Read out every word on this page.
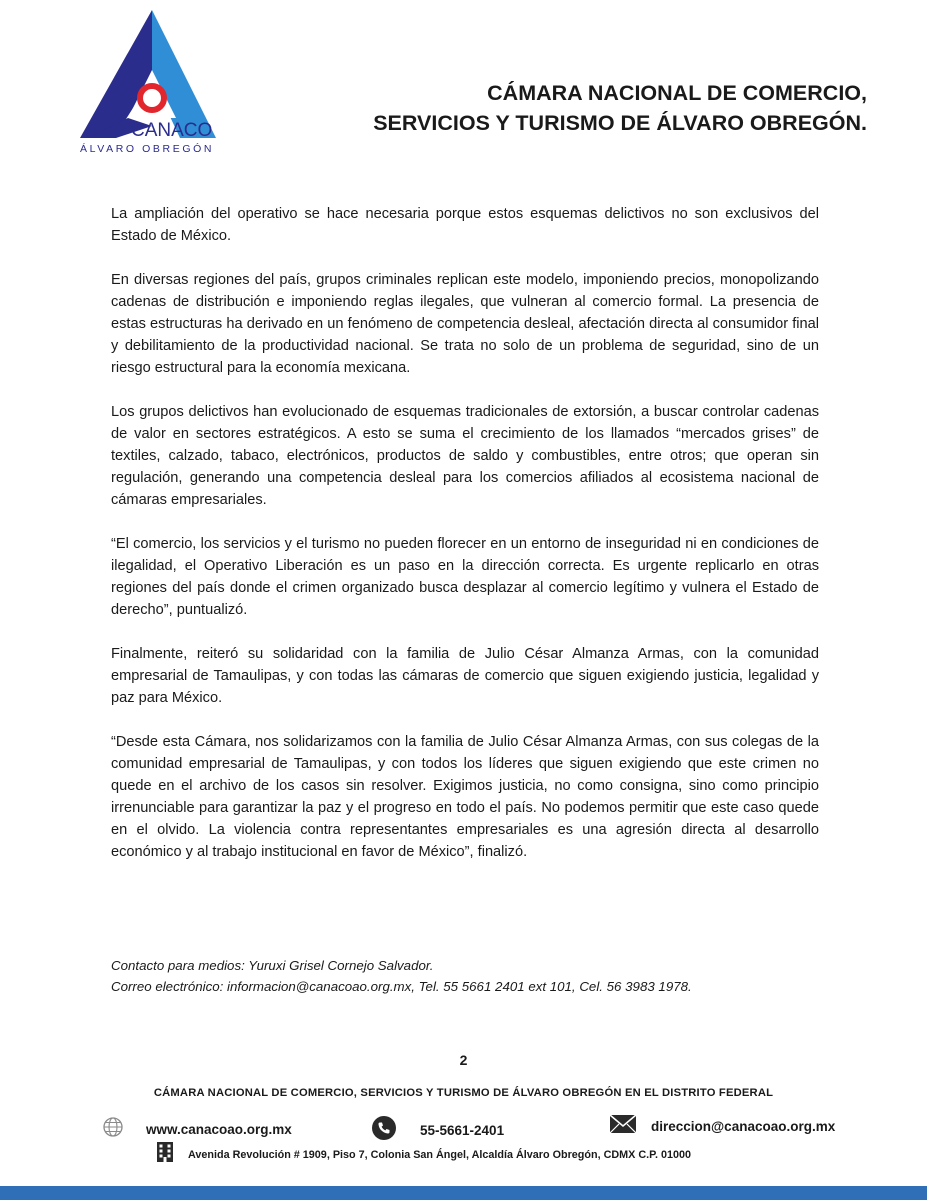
CANACO
ÁLVARO OBREGÓN
CÁMARA NACIONAL DE COMERCIO,
SERVICIOS Y TURISMO DE ÁLVARO OBREGÓN.

La ampliación del operativo se hace necesaria porque estos esquemas delictivos no son exclusivos del Estado de México.

En diversas regiones del país, grupos criminales replican este modelo, imponiendo precios, monopolizando cadenas de distribución e imponiendo reglas ilegales, que vulneran al comercio formal. La presencia de estas estructuras ha derivado en un fenómeno de competencia desleal, afectación directa al consumidor final y debilitamiento de la productividad nacional. Se trata no solo de un problema de seguridad, sino de un riesgo estructural para la economía mexicana.

Los grupos delictivos han evolucionado de esquemas tradicionales de extorsión, a buscar controlar cadenas de valor en sectores estratégicos. A esto se suma el crecimiento de los llamados “mercados grises” de textiles, calzado, tabaco, electrónicos, productos de saldo y combustibles, entre otros; que operan sin regulación, generando una competencia desleal para los comercios afiliados al ecosistema nacional de cámaras empresariales.

“El comercio, los servicios y el turismo no pueden florecer en un entorno de inseguridad ni en condiciones de ilegalidad, el Operativo Liberación es un paso en la dirección correcta. Es urgente replicarlo en otras regiones del país donde el crimen organizado busca desplazar al comercio legítimo y vulnera el Estado de derecho”, puntualizó.

Finalmente, reiteró su solidaridad con la familia de Julio César Almanza Armas, con la comunidad empresarial de Tamaulipas, y con todas las cámaras de comercio que siguen exigiendo justicia, legalidad y paz para México.

“Desde esta Cámara, nos solidarizamos con la familia de Julio César Almanza Armas, con sus colegas de la comunidad empresarial de Tamaulipas, y con todos los líderes que siguen exigiendo que este crimen no quede en el archivo de los casos sin resolver. Exigimos justicia, no como consigna, sino como principio irrenunciable para garantizar la paz y el progreso en todo el país. No podemos permitir que este caso quede en el olvido. La violencia contra representantes empresariales es una agresión directa al desarrollo económico y al trabajo institucional en favor de México”, finalizó.

Contacto para medios: Yuruxi Grisel Cornejo Salvador.
Correo electrónico: informacion@canacoao.org.mx, Tel. 55 5661 2401 ext 101, Cel. 56 3983 1978.
2
CÁMARA NACIONAL DE COMERCIO, SERVICIOS Y TURISMO DE ÁLVARO OBREGÓN EN EL DISTRITO FEDERAL
www.canacoao.org.mx	55-5661-2401	direccion@canacoao.org.mx
Avenida Revolución # 1909, Piso 7, Colonia San Ángel, Alcaldía Álvaro Obregón, CDMX C.P. 01000
